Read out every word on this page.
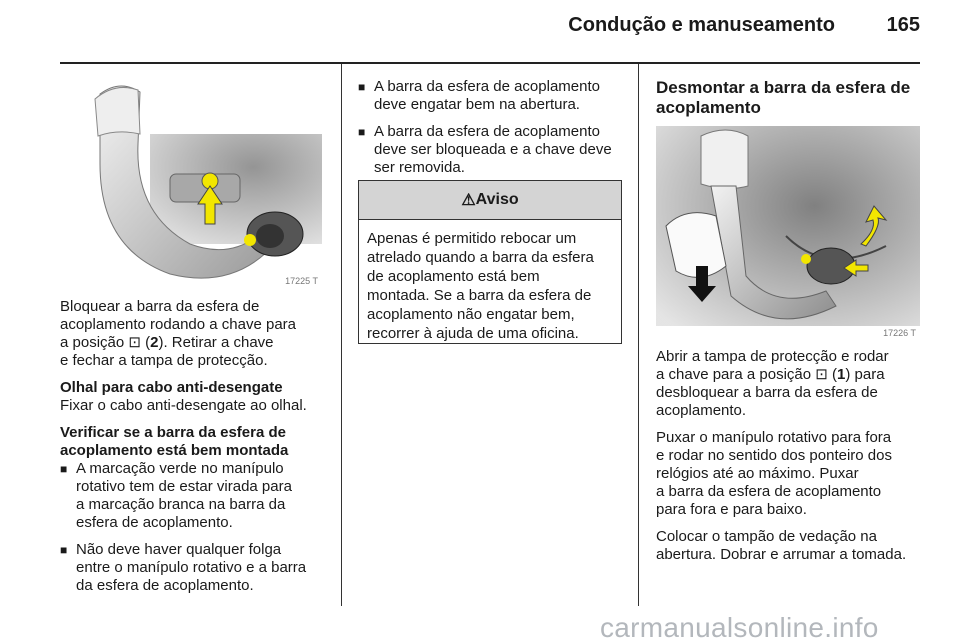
Condução e manuseamento	165
17225 T

Bloquear a barra da esfera de
acoplamento rodando a chave para
a posição ⊡ (2). Retirar a chave
e fechar a tampa de protecção.

Olhal para cabo anti-desengate

Fixar o cabo anti-desengate ao olhal.

Verificar se a barra da esfera de
acoplamento está bem montada

■ A marcação verde no manípulo
rotativo tem de estar virada para
a marcação branca na barra da
esfera de acoplamento.
■ Não deve haver qualquer folga
entre o manípulo rotativo e a barra
da esfera de acoplamento.
■ A barra da esfera de acoplamento
deve engatar bem na abertura.
■ A barra da esfera de acoplamento
deve ser bloqueada e a chave deve
ser removida.
⚠ Aviso
Apenas é permitido rebocar um
atrelado quando a barra da esfera
de acoplamento está bem
montada. Se a barra da esfera de
acoplamento não engatar bem,
recorrer à ajuda de uma oficina.
Desmontar a barra da esfera de
acoplamento
17226 T

Abrir a tampa de protecção e rodar
a chave para a posição ⊡ (1) para
desbloquear a barra da esfera de
acoplamento.

Puxar o manípulo rotativo para fora
e rodar no sentido dos ponteiro dos
relógios até ao máximo. Puxar
a barra da esfera de acoplamento
para fora e para baixo.

Colocar o tampão de vedação na
abertura. Dobrar e arrumar a tomada.

carmanualsonline.info
